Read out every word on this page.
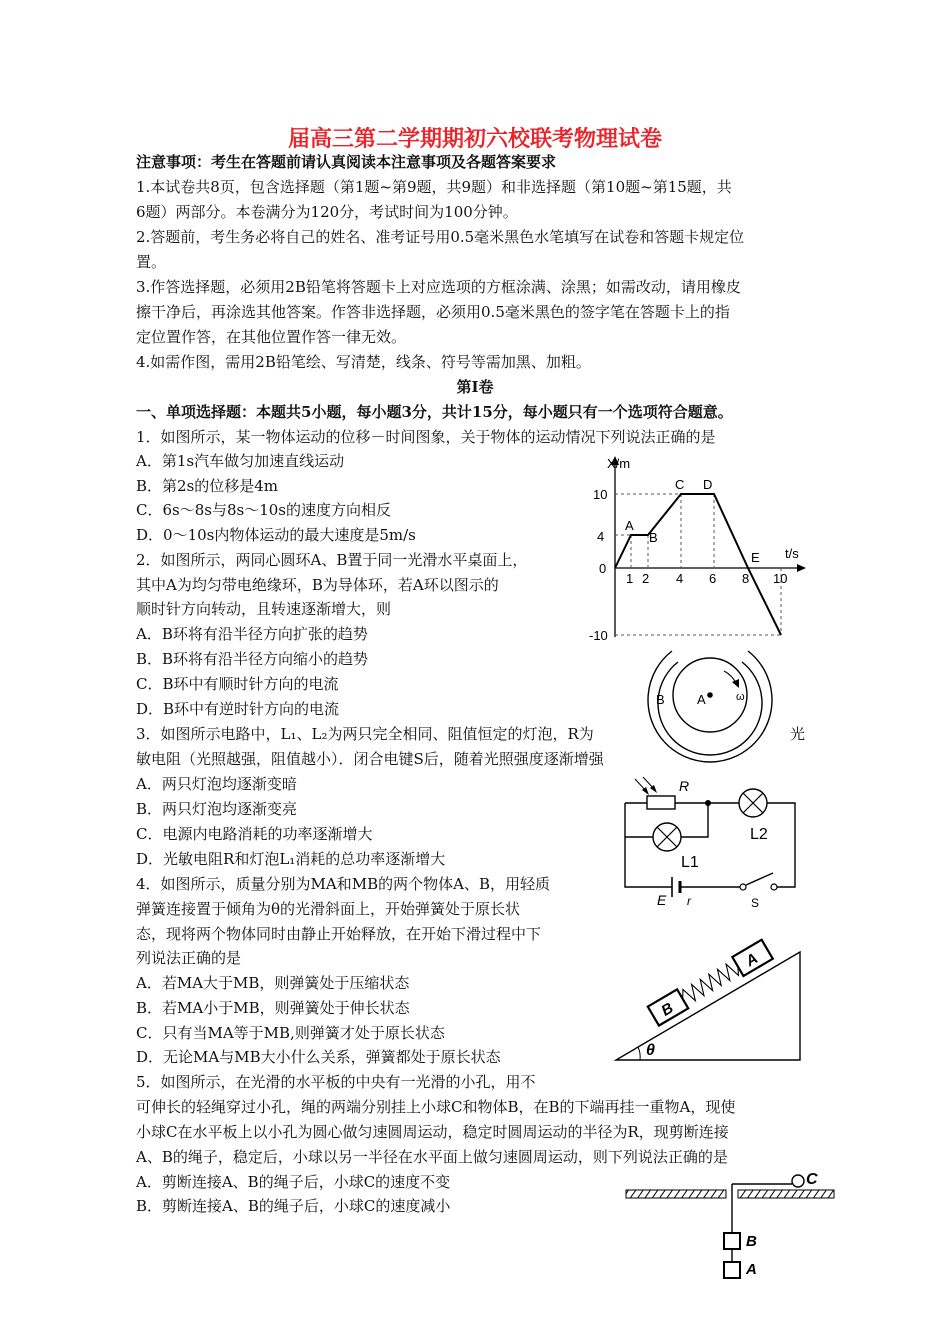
届高三第二学期期初六校联考物理试卷
注意事项：考生在答题前请认真阅读本注意事项及各题答案要求
1.本试卷共8页，包含选择题（第1题~第9题，共9题）和非选择题（第10题~第15题，共
6题）两部分。本卷满分为120分，考试时间为100分钟。
2.答题前，考生务必将自己的姓名、准考证号用0.5毫米黑色水笔填写在试卷和答题卡规定位
置。
3.作答选择题，必须用2B铅笔将答题卡上对应选项的方框涂满、涂黑；如需改动，请用橡皮
擦干净后，再涂选其他答案。作答非选择题，必须用0.5毫米黑色的签字笔在答题卡上的指
定位置作答，在其他位置作答一律无效。
4.如需作图，需用2B铅笔绘、写清楚，线条、符号等需加黑、加粗。
第Ⅰ卷
一、单项选择题：本题共5小题，每小题3分，共计15分，每小题只有一个选项符合题意。
1．如图所示，某一物体运动的位移－时间图象，关于物体的运动情况下列说法正确的是
A．第1s汽车做匀加速直线运动
B．第2s的位移是4m
C．6s～8s与8s～10s的速度方向相反
D．0～10s内物体运动的最大速度是5m/s
2．如图所示，两同心圆环A、B置于同一光滑水平桌面上，
其中A为均匀带电绝缘环，B为导体环，若A环以图示的
顺时针方向转动，且转速逐渐增大，则
A．B环将有沿半径方向扩张的趋势
B．B环将有沿半径方向缩小的趋势
C．B环中有顺时针方向的电流
D．B环中有逆时针方向的电流
3．如图所示电路中，L₁、L₂为两只完全相同、阻值恒定的灯泡，R为	光
敏电阻（光照越强，阻值越小）．闭合电键S后，随着光照强度逐渐增强
A．两只灯泡均逐渐变暗
B．两只灯泡均逐渐变亮
C．电源内电路消耗的功率逐渐增大
D．光敏电阻R和灯泡L₁消耗的总功率逐渐增大
4．如图所示，质量分别为MA和MB的两个物体A、B，用轻质
弹簧连接置于倾角为θ的光滑斜面上，开始弹簧处于原长状
态，现将两个物体同时由静止开始释放，在开始下滑过程中下
列说法正确的是
A．若MA大于MB，则弹簧处于压缩状态
B．若MA小于MB，则弹簧处于伸长状态
C．只有当MA等于MB,则弹簧才处于原长状态
D．无论MA与MB大小什么关系，弹簧都处于原长状态
5．如图所示，在光滑的水平板的中央有一光滑的小孔，用不
可伸长的轻绳穿过小孔，绳的两端分别挂上小球C和物体B，在B的下端再挂一重物A，现使
小球C在水平板上以小孔为圆心做匀速圆周运动，稳定时圆周运动的半径为R，现剪断连接
A、B的绳子，稳定后，小球以另一半径在水平面上做匀速圆周运动，则下列说法正确的是
A．剪断连接A、B的绳子后，小球C的速度不变
B．剪断连接A、B的绳子后，小球C的速度减小
X/m
t/s
10
4
0
-10
1 2 4 6 8 10
A
B
C D
E
B A	ω
R
L2
L1
E r	S
A
B
θ
C
B
A
